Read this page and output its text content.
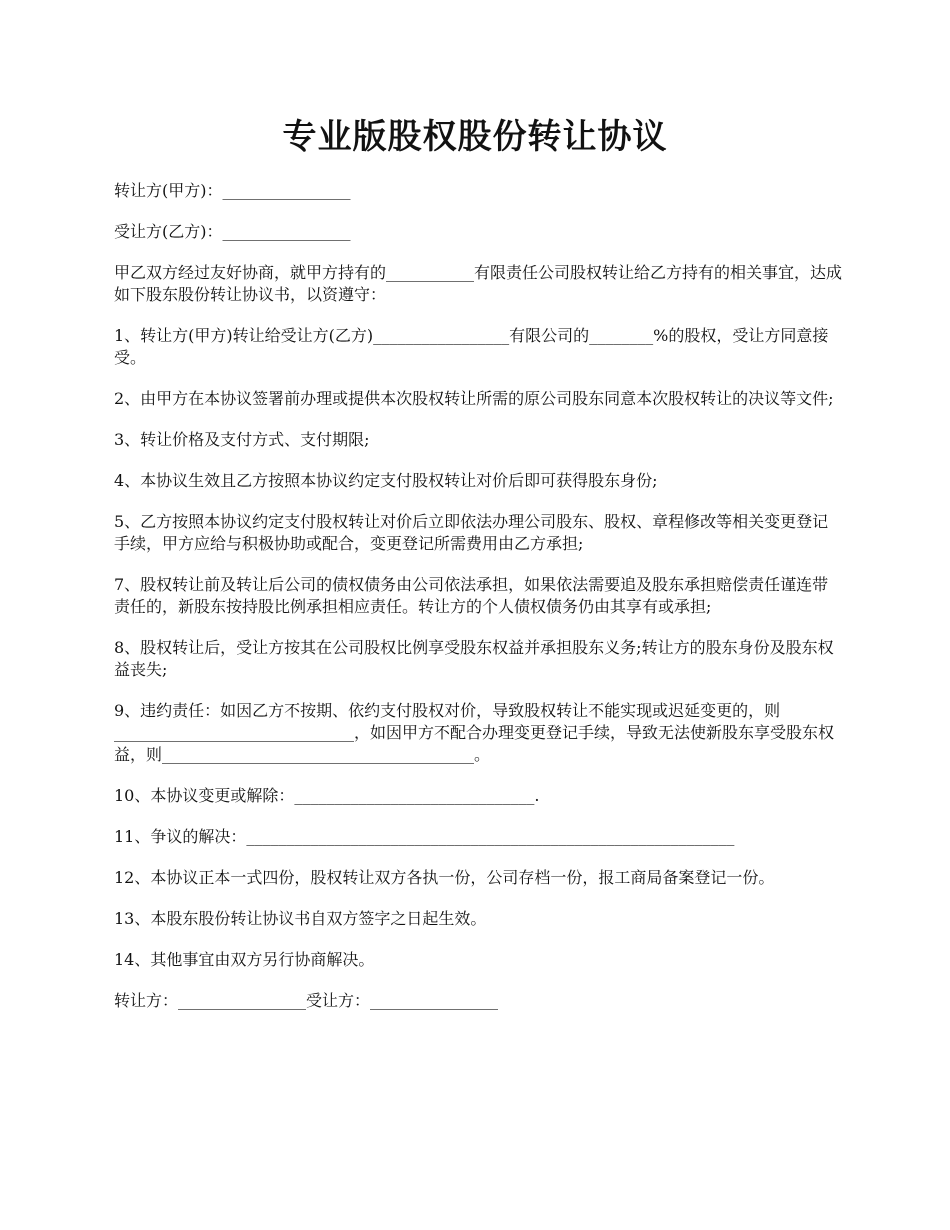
专业版股权股份转让协议

转让方(甲方)：________________

受让方(乙方)：________________

甲乙双方经过友好协商，就甲方持有的___________有限责任公司股权转让给乙方持有的相关事宜，达成如下股东股份转让协议书，以资遵守：

1、转让方(甲方)转让给受让方(乙方)_________________有限公司的________%的股权，受让方同意接受。

2、由甲方在本协议签署前办理或提供本次股权转让所需的原公司股东同意本次股权转让的决议等文件;

3、转让价格及支付方式、支付期限;

4、本协议生效且乙方按照本协议约定支付股权转让对价后即可获得股东身份;

5、乙方按照本协议约定支付股权转让对价后立即依法办理公司股东、股权、章程修改等相关变更登记手续，甲方应给与积极协助或配合，变更登记所需费用由乙方承担;

7、股权转让前及转让后公司的债权债务由公司依法承担，如果依法需要追及股东承担赔偿责任谨连带责任的，新股东按持股比例承担相应责任。转让方的个人债权债务仍由其享有或承担;

8、股权转让后，受让方按其在公司股权比例享受股东权益并承担股东义务;转让方的股东身份及股东权益丧失;

9、违约责任：如因乙方不按期、依约支付股权对价，导致股权转让不能实现或迟延变更的，则______________________________，如因甲方不配合办理变更登记手续，导致无法使新股东享受股东权益，则_______________________________________。

10、本协议变更或解除：______________________________.

11、争议的解决：_____________________________________________________________

12、本协议正本一式四份，股权转让双方各执一份，公司存档一份，报工商局备案登记一份。

13、本股东股份转让协议书自双方签字之日起生效。

14、其他事宜由双方另行协商解决。

转让方：________________受让方：________________
